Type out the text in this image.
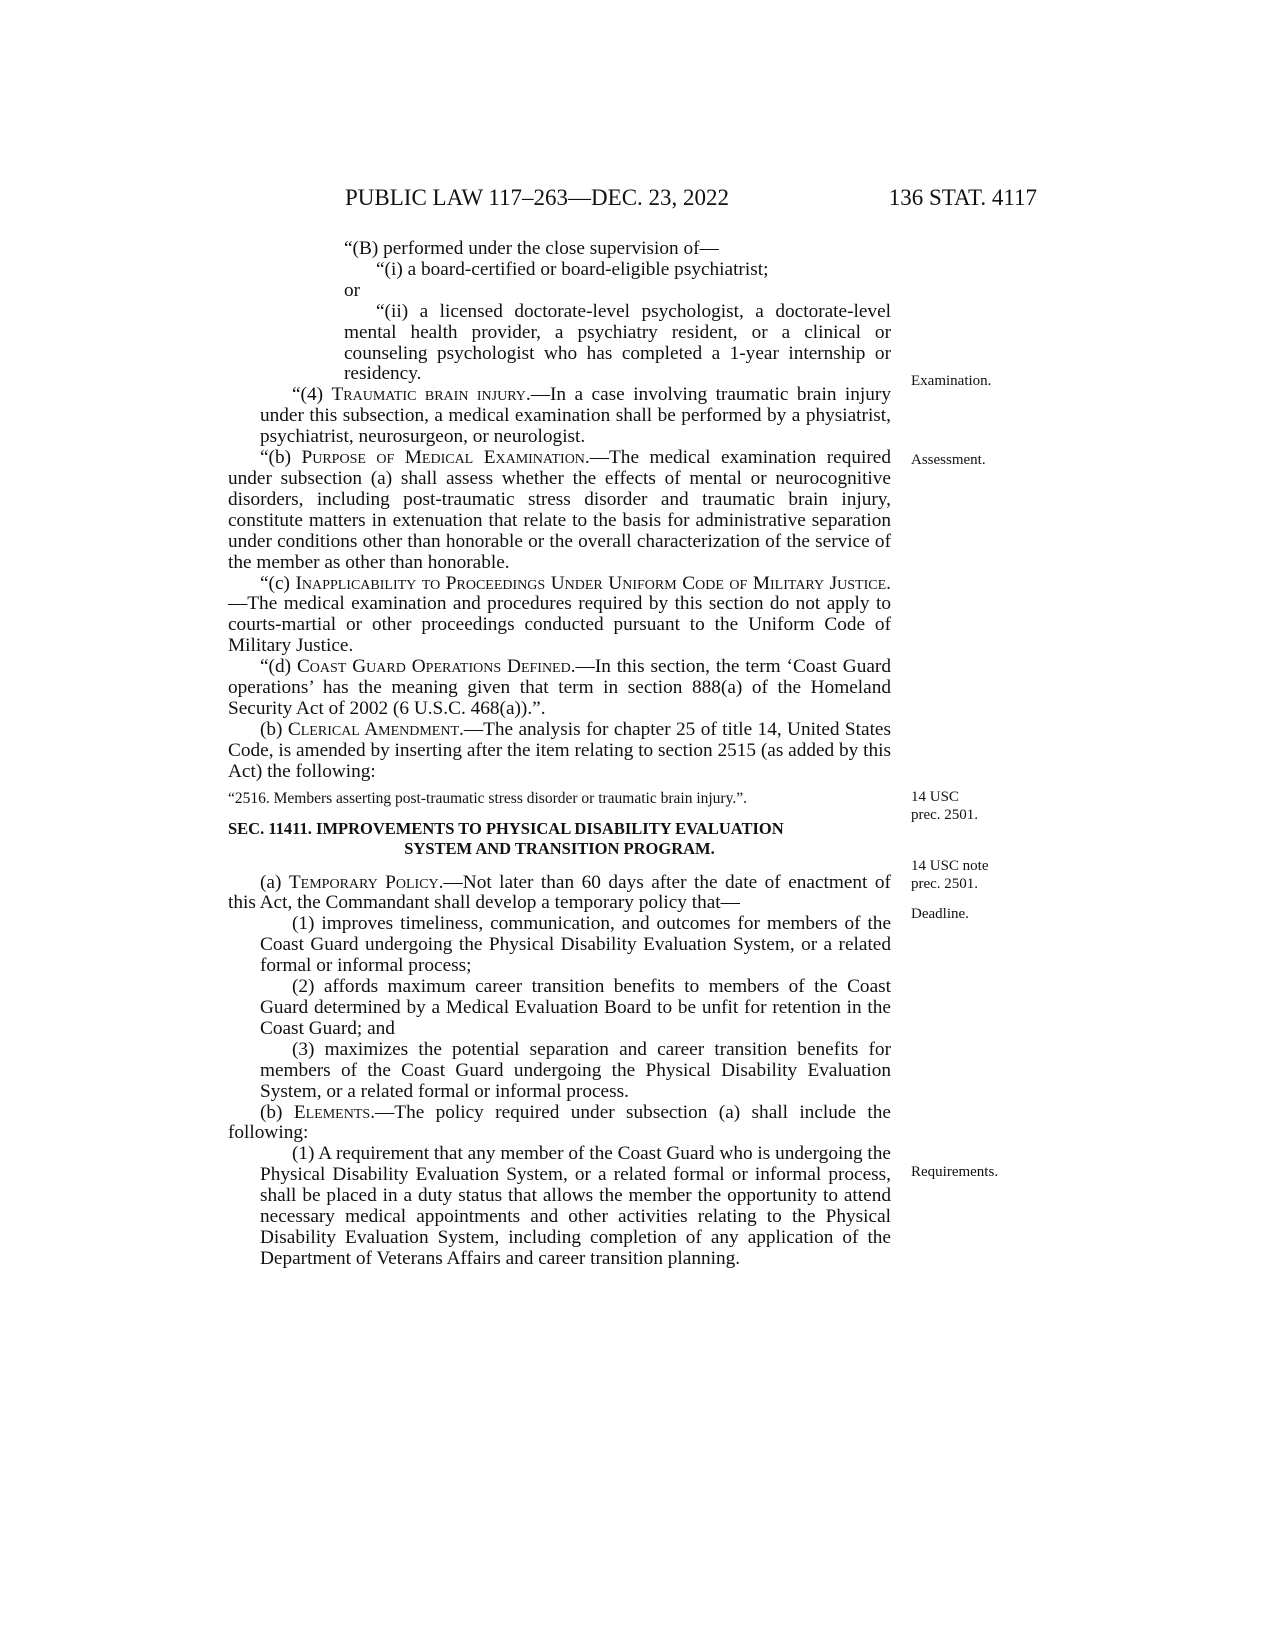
PUBLIC LAW 117–263—DEC. 23, 2022	136 STAT. 4117

“(B) performed under the close supervision of—

“(i) a board-certified or board-eligible psychiatrist;

or

“(ii) a licensed doctorate-level psychologist, a doctorate-level mental health provider, a psychiatry resident, or a clinical or counseling psychologist who has completed a 1-year internship or residency.

“(4) Traumatic brain injury.—In a case involving traumatic brain injury under this subsection, a medical examination shall be performed by a physiatrist, psychiatrist, neurosurgeon, or neurologist.

“(b) Purpose of Medical Examination.—The medical examination required under subsection (a) shall assess whether the effects of mental or neurocognitive disorders, including post-traumatic stress disorder and traumatic brain injury, constitute matters in extenuation that relate to the basis for administrative separation under conditions other than honorable or the overall characterization of the service of the member as other than honorable.

“(c) Inapplicability to Proceedings Under Uniform Code of Military Justice.—The medical examination and procedures required by this section do not apply to courts-martial or other proceedings conducted pursuant to the Uniform Code of Military Justice.

“(d) Coast Guard Operations Defined.—In this section, the term ‘Coast Guard operations’ has the meaning given that term in section 888(a) of the Homeland Security Act of 2002 (6 U.S.C. 468(a)).”.

(b) Clerical Amendment.—The analysis for chapter 25 of title 14, United States Code, is amended by inserting after the item relating to section 2515 (as added by this Act) the following:

“2516. Members asserting post-traumatic stress disorder or traumatic brain injury.”.

SEC. 11411. IMPROVEMENTS TO PHYSICAL DISABILITY EVALUATION
SYSTEM AND TRANSITION PROGRAM.

(a) Temporary Policy.—Not later than 60 days after the date of enactment of this Act, the Commandant shall develop a temporary policy that—

(1) improves timeliness, communication, and outcomes for members of the Coast Guard undergoing the Physical Disability Evaluation System, or a related formal or informal process;

(2) affords maximum career transition benefits to members of the Coast Guard determined by a Medical Evaluation Board to be unfit for retention in the Coast Guard; and

(3) maximizes the potential separation and career transition benefits for members of the Coast Guard undergoing the Physical Disability Evaluation System, or a related formal or informal process.

(b) Elements.—The policy required under subsection (a) shall include the following:

(1) A requirement that any member of the Coast Guard who is undergoing the Physical Disability Evaluation System, or a related formal or informal process, shall be placed in a duty status that allows the member the opportunity to attend necessary medical appointments and other activities relating to the Physical Disability Evaluation System, including completion of any application of the Department of Veterans Affairs and career transition planning.

Examination.
Assessment.
14 USC
prec. 2501.
14 USC note
prec. 2501.
Deadline.
Requirements.
